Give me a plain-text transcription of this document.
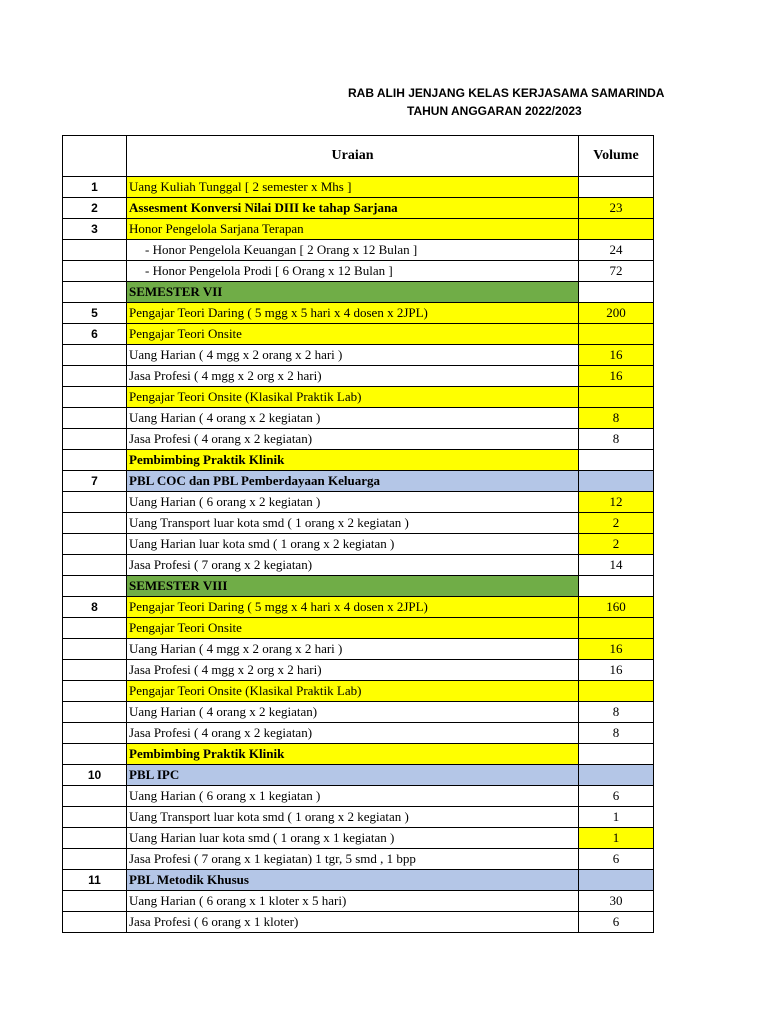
RAB ALIH JENJANG KELAS KERJASAMA SAMARINDA
TAHUN ANGGARAN 2022/2023
	Uraian	Volume
1	Uang Kuliah Tunggal [ 2 semester x Mhs ]	
2	Assesment Konversi Nilai DIII ke tahap Sarjana	23
3	Honor Pengelola Sarjana Terapan	
	- Honor Pengelola Keuangan [ 2 Orang x 12 Bulan ]	24
	- Honor Pengelola Prodi [ 6 Orang x 12 Bulan ]	72
	SEMESTER VII	
5	Pengajar Teori Daring ( 5 mgg x 5 hari x 4 dosen x 2JPL)	200
6	Pengajar Teori Onsite	
	Uang Harian ( 4 mgg x 2 orang x 2 hari )	16
	Jasa Profesi ( 4 mgg x 2 org x 2 hari)	16
	Pengajar Teori Onsite (Klasikal Praktik Lab)	
	Uang Harian ( 4 orang x 2 kegiatan )	8
	Jasa Profesi ( 4 orang x 2 kegiatan)	8
	Pembimbing Praktik Klinik	
7	PBL COC dan PBL Pemberdayaan Keluarga	
	Uang Harian ( 6 orang x 2 kegiatan )	12
	Uang Transport luar kota smd ( 1 orang x 2 kegiatan )	2
	Uang Harian luar kota smd ( 1 orang x 2 kegiatan )	2
	Jasa Profesi ( 7 orang x 2 kegiatan)	14
	SEMESTER VIII	
8	Pengajar Teori Daring ( 5 mgg x 4 hari x 4 dosen x 2JPL)	160
	Pengajar Teori Onsite	
	Uang Harian ( 4 mgg x 2 orang x 2 hari )	16
	Jasa Profesi ( 4 mgg x 2 org x 2 hari)	16
	Pengajar Teori Onsite (Klasikal Praktik Lab)	
	Uang Harian ( 4 orang x 2 kegiatan)	8
	Jasa Profesi ( 4 orang x 2 kegiatan)	8
	Pembimbing Praktik Klinik	
10	PBL IPC	
	Uang Harian ( 6 orang x 1 kegiatan )	6
	Uang Transport luar kota smd ( 1 orang x 2 kegiatan )	1
	Uang Harian luar kota smd ( 1 orang x 1 kegiatan )	1
	Jasa Profesi ( 7 orang x 1 kegiatan) 1 tgr, 5 smd , 1 bpp	6
11	PBL Metodik Khusus	
	Uang Harian ( 6 orang x 1 kloter x 5 hari)	30
	Jasa Profesi ( 6 orang x 1 kloter)	6
